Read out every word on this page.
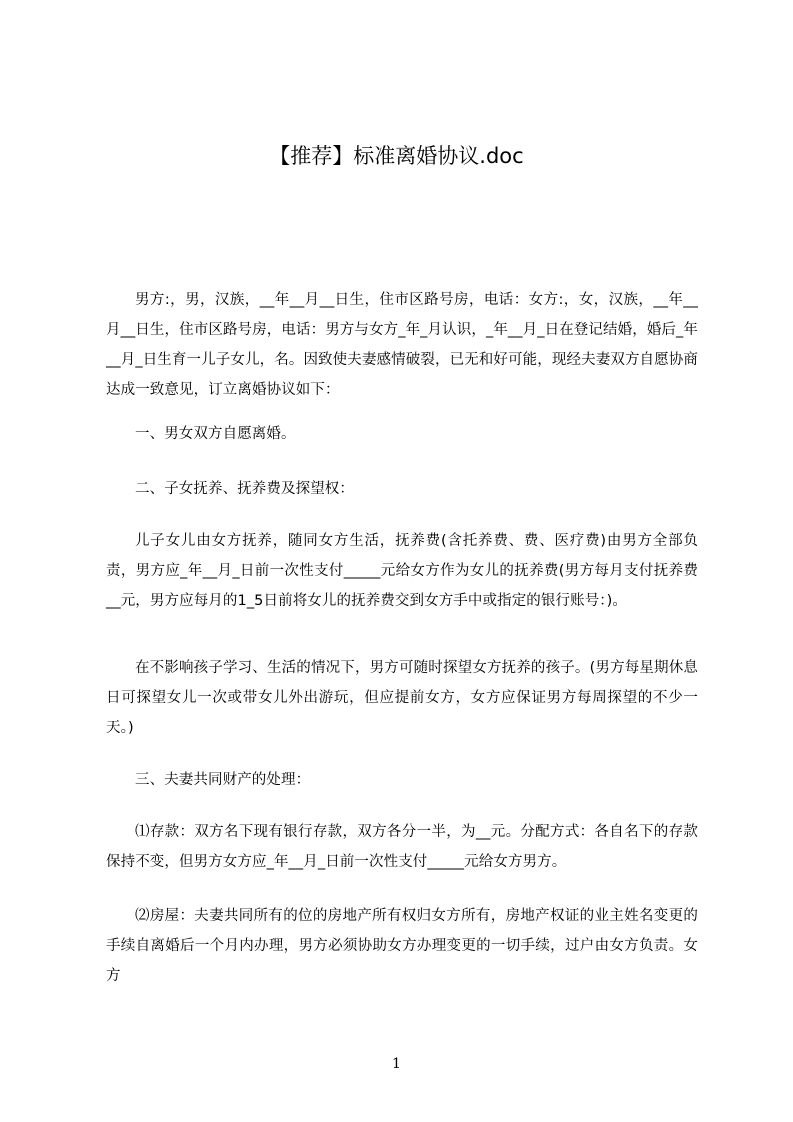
【推荐】标准离婚协议.doc
男方:，男，汉族，__年__月__日生，住市区路号房，电话：女方:，女，汉族，__年__月__日生，住市区路号房，电话：男方与女方_年_月认识，_年__月_日在登记结婚，婚后_年__月_日生育一儿子女儿，名。因致使夫妻感情破裂，已无和好可能，现经夫妻双方自愿协商达成一致意见，订立离婚协议如下：
一、男女双方自愿离婚。
二、子女抚养、抚养费及探望权：
儿子女儿由女方抚养，随同女方生活，抚养费(含托养费、费、医疗费)由男方全部负责，男方应_年__月_日前一次性支付_____元给女方作为女儿的抚养费(男方每月支付抚养费__元，男方应每月的1_5日前将女儿的抚养费交到女方手中或指定的银行账号：)。
在不影响孩子学习、生活的情况下，男方可随时探望女方抚养的孩子。(男方每星期休息日可探望女儿一次或带女儿外出游玩，但应提前女方，女方应保证男方每周探望的不少一天。)
三、夫妻共同财产的处理：
⑴存款：双方名下现有银行存款，双方各分一半，为__元。分配方式：各自名下的存款保持不变，但男方女方应_年__月_日前一次性支付_____元给女方男方。
⑵房屋：夫妻共同所有的位的房地产所有权归女方所有，房地产权证的业主姓名变更的手续自离婚后一个月内办理，男方必须协助女方办理变更的一切手续，过户由女方负责。女方
1
